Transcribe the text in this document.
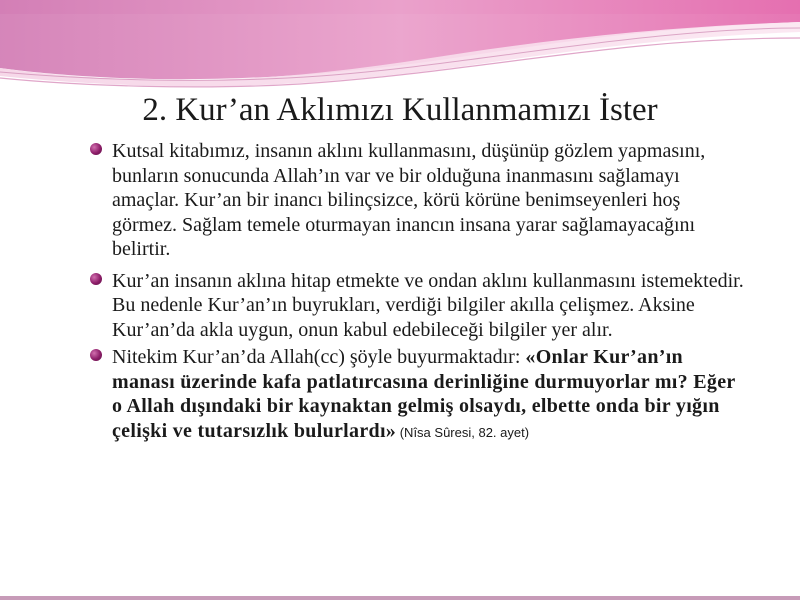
2. Kur’an Aklımızı Kullanmamızı İster
Kutsal kitabımız, insanın aklını kullanmasını, düşünüp gözlem yapmasını, bunların sonucunda Allah’ın var ve bir olduğuna inanmasını sağlamayı amaçlar. Kur’an bir inancı bilinçsizce, körü körüne benimseyenleri hoş görmez. Sağlam temele oturmayan inancın insana yarar sağlamayacağını belirtir.
Kur’an insanın aklına hitap etmekte ve ondan aklını kullanmasını istemektedir. Bu nedenle Kur’an’ın buyrukları, verdiği bilgiler akılla çelişmez. Aksine Kur’an’da akla uygun, onun kabul edebileceği bilgiler yer alır.
Nitekim Kur’an’da Allah(cc) şöyle buyurmaktadır: «Onlar Kur’an’ın manası üzerinde kafa patlatırcasına derinliğine durmuyorlar mı? Eğer o Allah dışındaki bir kaynaktan gelmiş olsaydı, elbette onda bir yığın çelişki ve tutarsızlık bulurlardı» (Nîsa Sûresi, 82. ayet)
